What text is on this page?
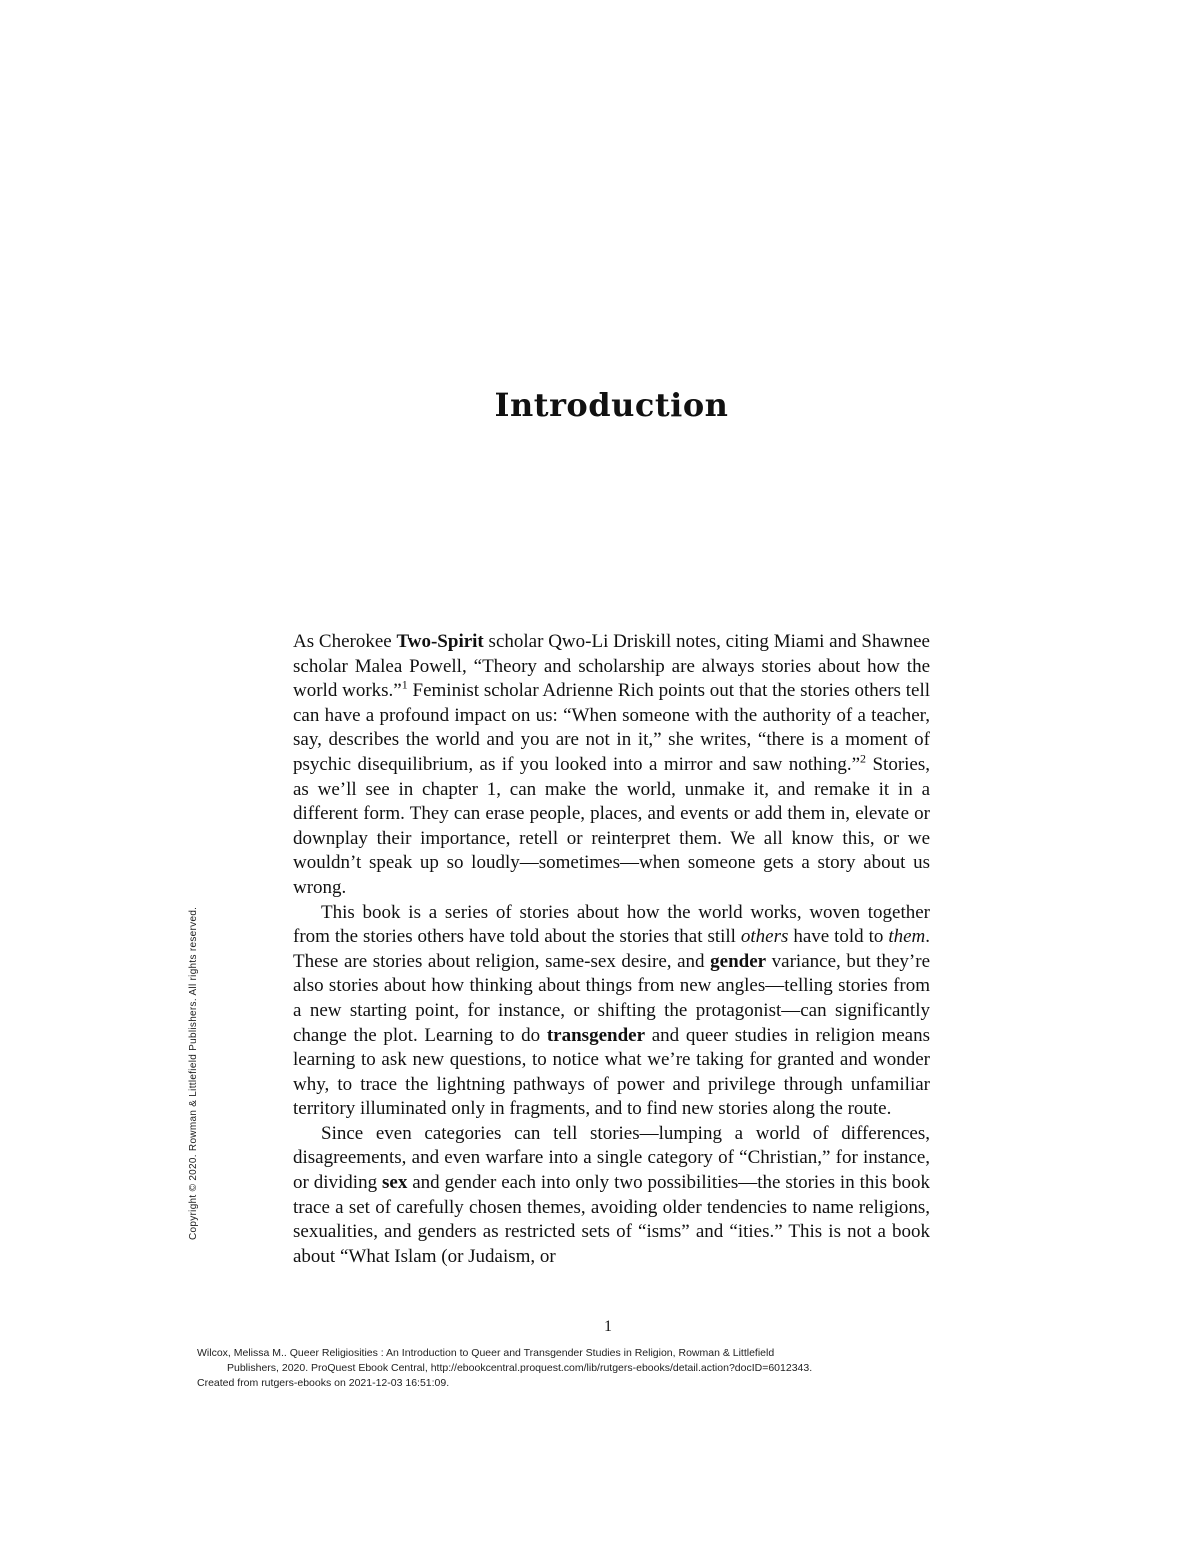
Introduction

As Cherokee Two-Spirit scholar Qwo-Li Driskill notes, citing Miami and Shawnee scholar Malea Powell, “Theory and scholarship are always stories about how the world works.”$^1$ Feminist scholar Adrienne Rich points out that the stories others tell can have a profound impact on us: “When someone with the authority of a teacher, say, describes the world and you are not in it,” she writes, “there is a moment of psychic disequilibrium, as if you looked into a mirror and saw nothing.”$^2$ Stories, as we’ll see in chapter 1, can make the world, unmake it, and remake it in a different form. They can erase people, places, and events or add them in, elevate or downplay their importance, retell or reinterpret them. We all know this, or we wouldn’t speak up so loudly—sometimes—when someone gets a story about us wrong.

This book is a series of stories about how the world works, woven together from the stories others have told about the stories that still others have told to them. These are stories about religion, same-sex desire, and gender variance, but they’re also stories about how thinking about things from new angles—telling stories from a new starting point, for instance, or shifting the protagonist—can significantly change the plot. Learning to do transgender and queer studies in religion means learning to ask new questions, to notice what we’re taking for granted and wonder why, to trace the lightning pathways of power and privilege through unfamiliar territory illuminated only in fragments, and to find new stories along the route.

Since even categories can tell stories—lumping a world of differences, disagreements, and even warfare into a single category of “Christian,” for instance, or dividing sex and gender each into only two possibilities—the stories in this book trace a set of carefully chosen themes, avoiding older tendencies to name religions, sexualities, and genders as restricted sets of “isms” and “ities.” This is not a book about “What Islam (or Judaism, or

Copyright © 2020. Rowman & Littlefield Publishers. All rights reserved.
1
Wilcox, Melissa M.. Queer Religiosities : An Introduction to Queer and Transgender Studies in Religion, Rowman & Littlefield
Publishers, 2020. ProQuest Ebook Central, http://ebookcentral.proquest.com/lib/rutgers-ebooks/detail.action?docID=6012343.
Created from rutgers-ebooks on 2021-12-03 16:51:09.
